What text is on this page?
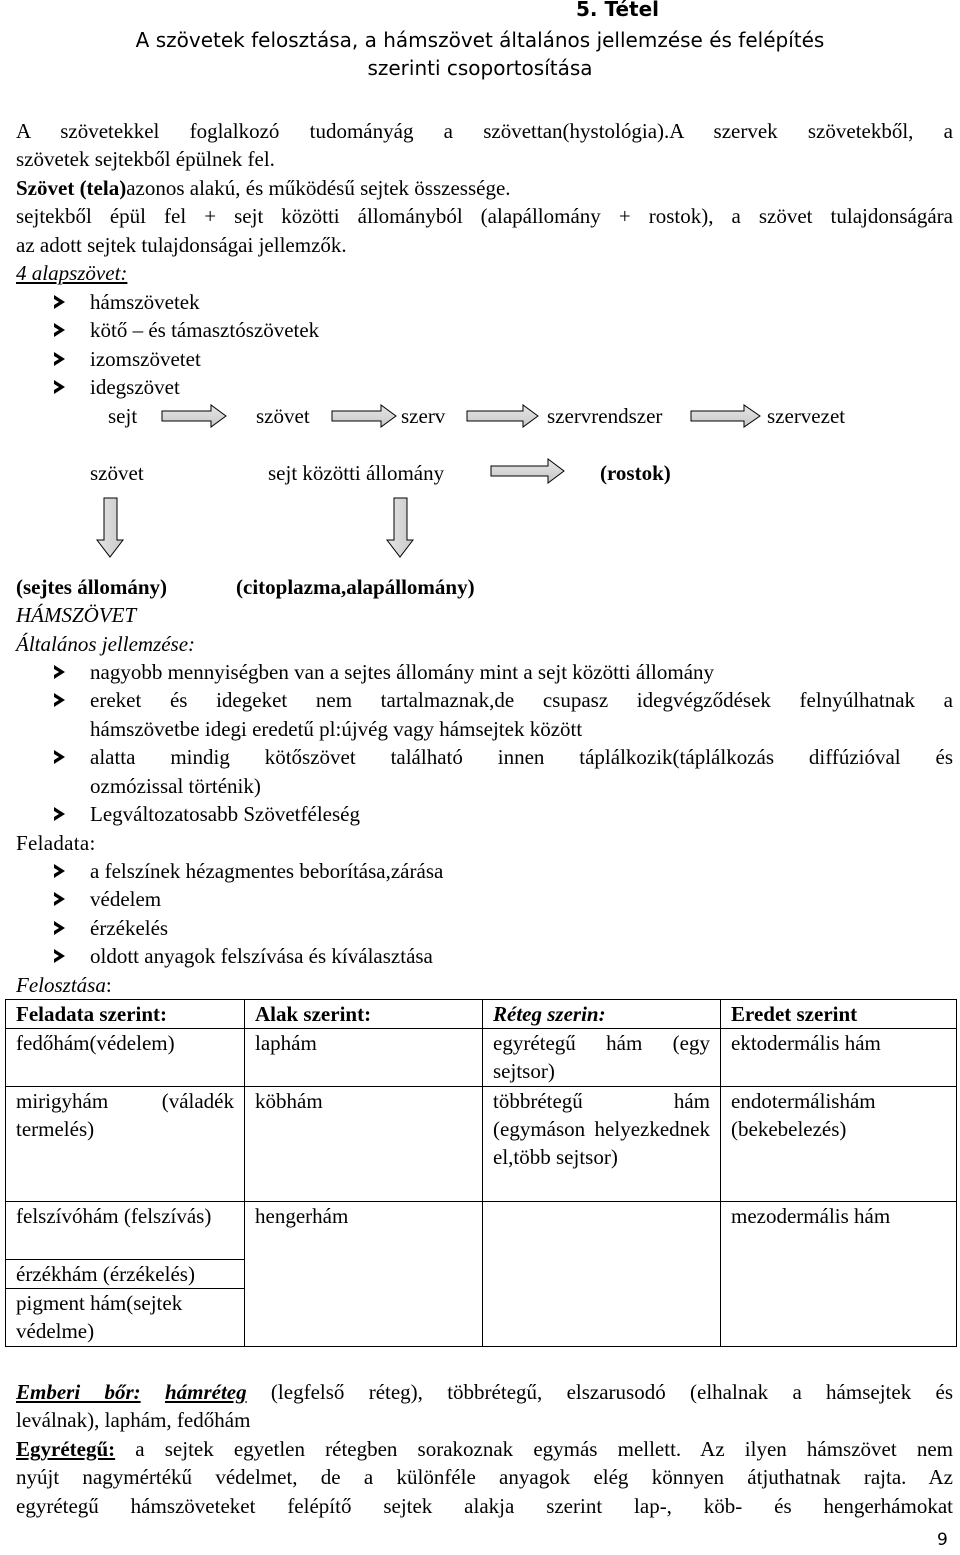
5. Tétel
A szövetek felosztása, a hámszövet általános jellemzése és felépítés szerinti csoportosítása
A szövetekkel foglalkozó tudományág a szövettan(hystológia).A szervek szövetekből, a
szövetek sejtekből épülnek fel.
Szövet (tela)azonos alakú, és működésű sejtek összessége.
sejtekből épül fel + sejt közötti állományból (alapállomány + rostok), a szövet tulajdonságára
az adott sejtek tulajdonságai jellemzők.
4 alapszövet:
hámszövetek
kötő – és támasztószövetek
izomszövetet
idegszövet
sejt	szövet	szerv	szervrendszer	szervezet
szövet	sejt közötti állomány	(rostok)
(sejtes állomány)	(citoplazma,alapállomány)
HÁMSZÖVET
Általános jellemzése:
nagyobb mennyiségben van a sejtes állomány mint a sejt közötti állomány
ereket és idegeket nem tartalmaznak,de csupasz idegvégződések felnyúlhatnak a
hámszövetbe idegi eredetű pl:újvég vagy hámsejtek között
alatta mindig kötőszövet található innen táplálkozik(táplálkozás diffúzióval és
ozmózissal történik)
Legváltozatosabb Szövetféleség
Feladata:
a felszínek hézagmentes beborítása,zárása
védelem
érzékelés
oldott anyagok felszívása és kíválasztása
Felosztása:
Feladata szerint:	Alak szerint:	Réteg szerin:	Eredet szerint
fedőhám(védelem)	laphám	egyrétegű hám (egy sejtsor)	ektodermális hám
mirigyhám (váladék termelés)	köbhám	többrétegű hám (egymáson helyezkednek el,több sejtsor)	endotermálishám (bekebelezés)
felszívóhám (felszívás)	hengerhám		mezodermális hám
érzékhám (érzékelés)			
pigment hám(sejtek védelme)			
Emberi bőr: hámréteg (legfelső réteg), többrétegű, elszarusodó (elhalnak a hámsejtek és
leválnak), laphám, fedőhám
Egyrétegű: a sejtek egyetlen rétegben sorakoznak egymás mellett. Az ilyen hámszövet nem
nyújt nagymértékű védelmet, de a különféle anyagok elég könnyen átjuthatnak rajta. Az
egyrétegű hámszöveteket felépítő sejtek alakja szerint lap-, köb- és hengerhámokat
9
